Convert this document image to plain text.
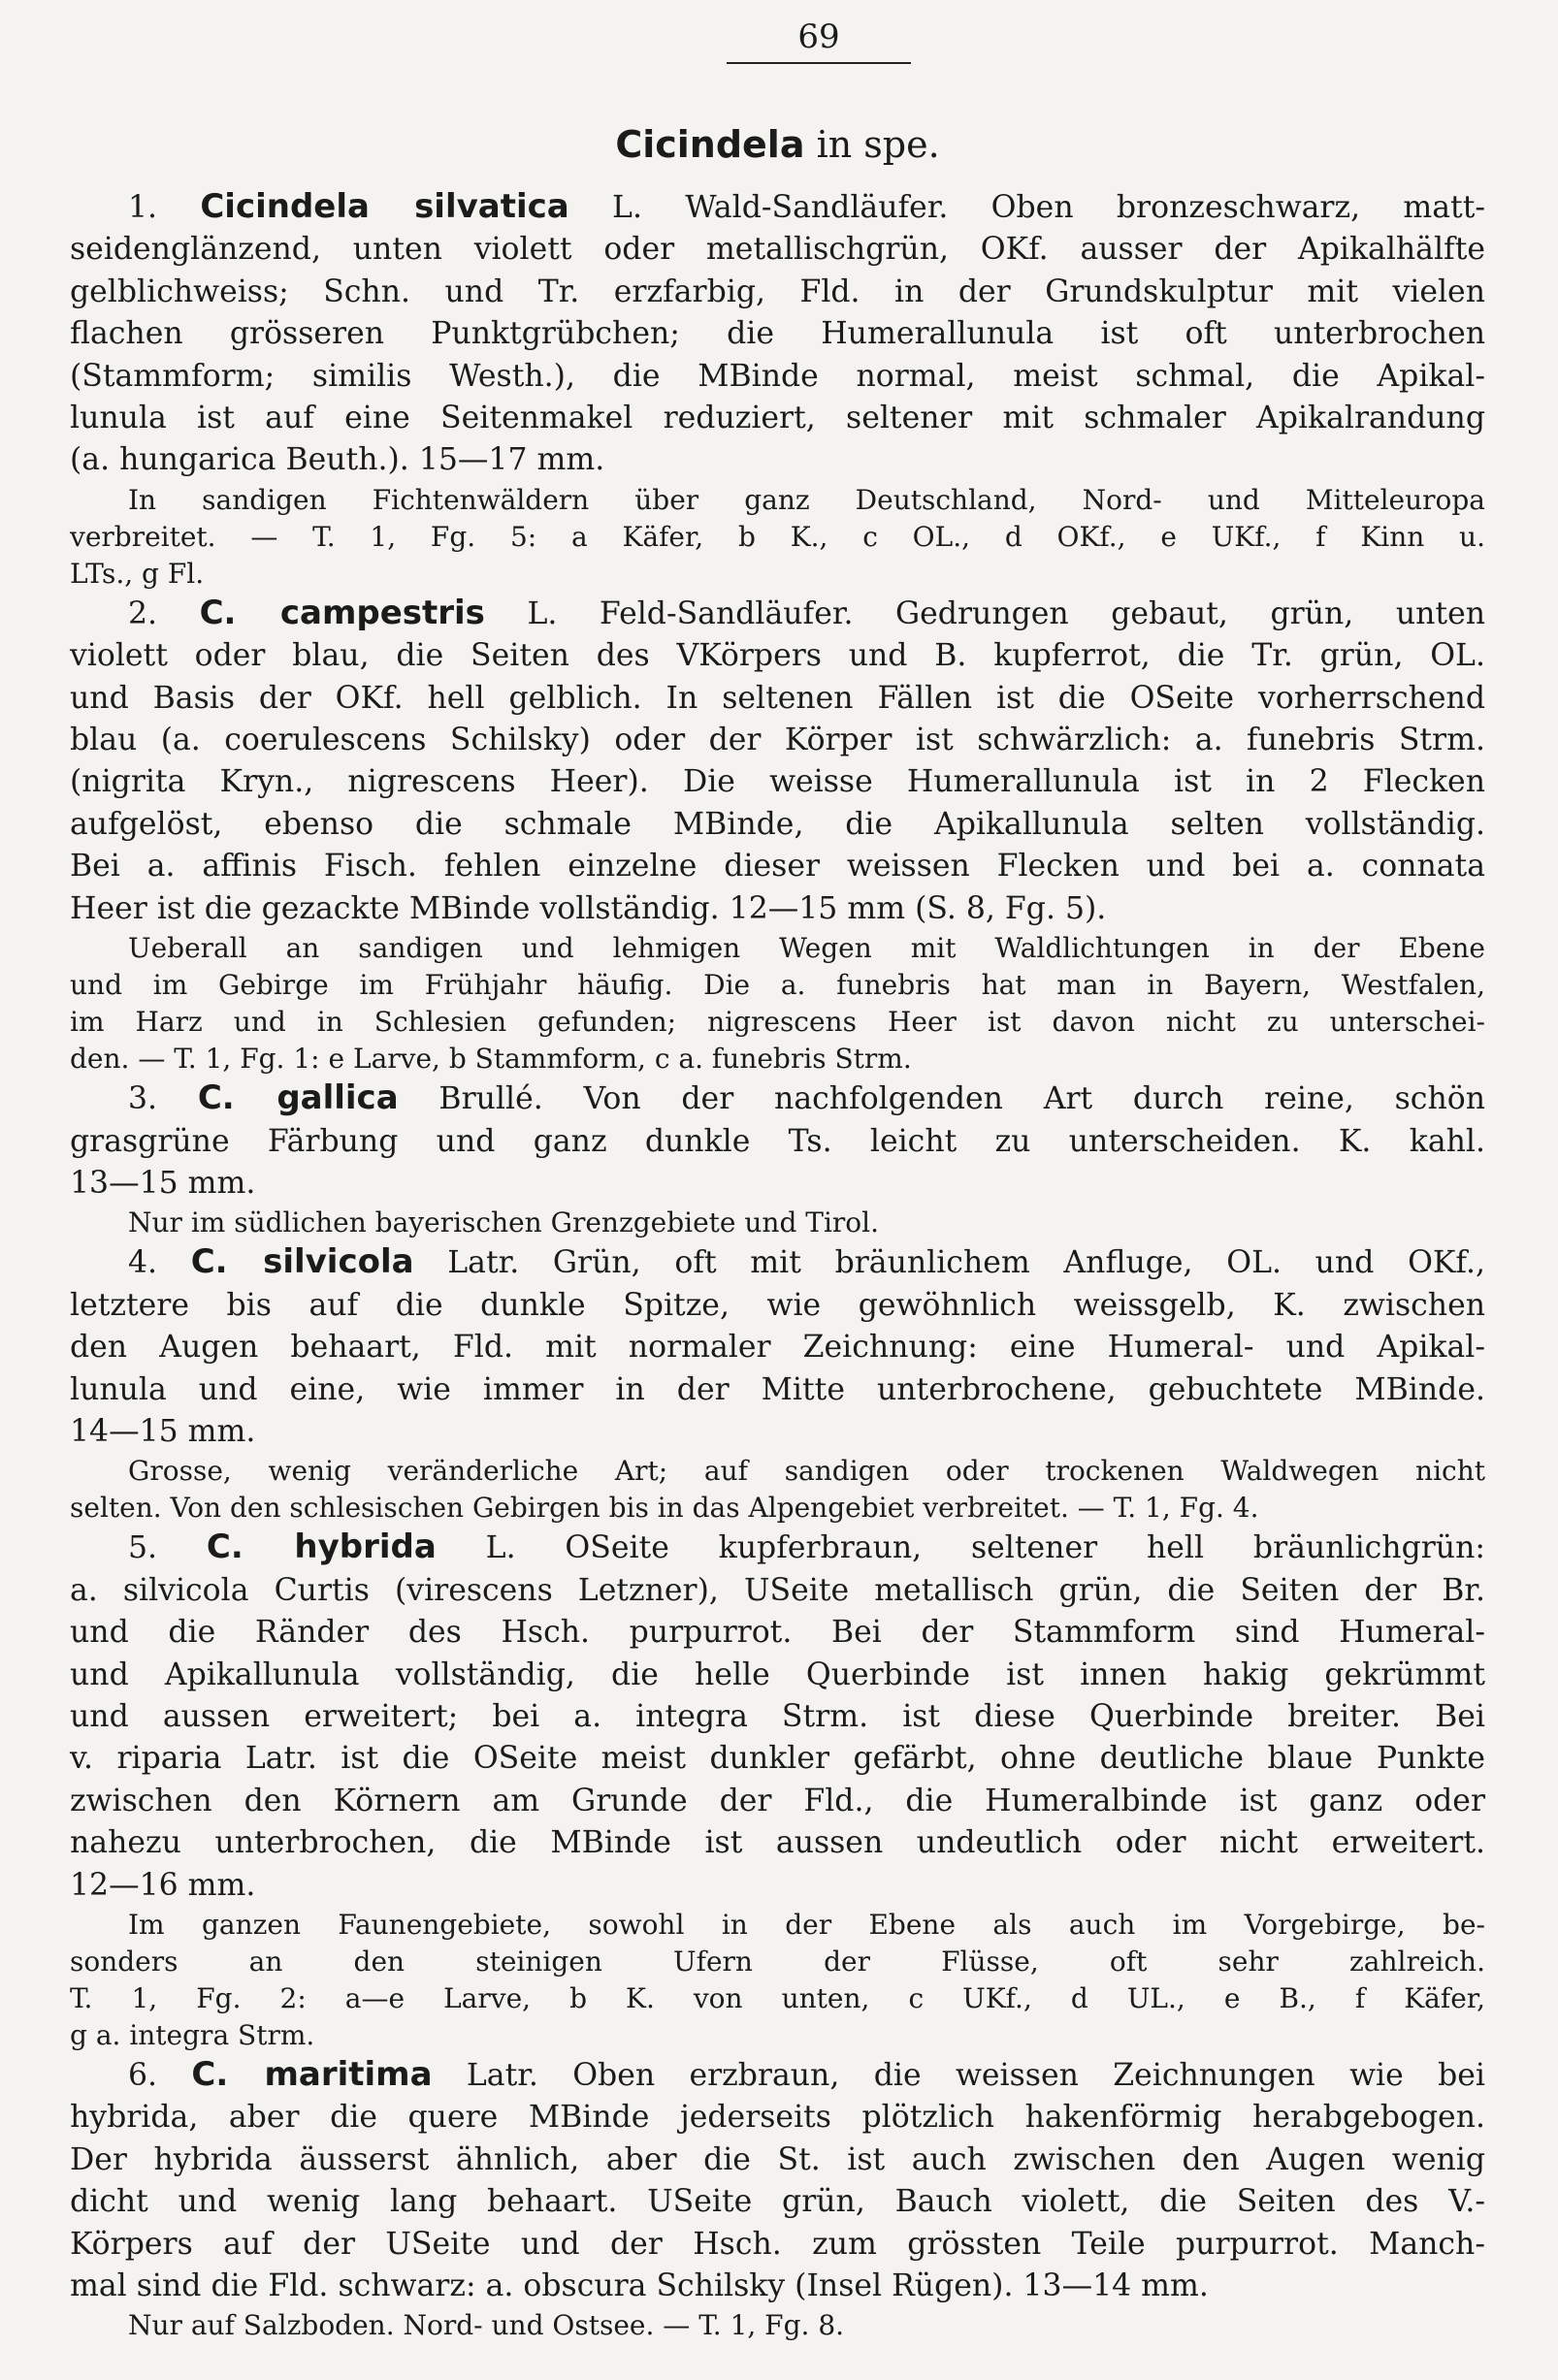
69
Cicindela in spe.

1. Cicindela silvatica L. Wald-Sandläufer. Oben bronzeschwarz, matt-
seidenglänzend, unten violett oder metallischgrün, OKf. ausser der Apikalhälfte
gelblichweiss; Schn. und Tr. erzfarbig, Fld. in der Grundskulptur mit vielen
flachen grösseren Punktgrübchen; die Humerallunula ist oft unterbrochen
(Stammform; similis Westh.), die MBinde normal, meist schmal, die Apikal-
lunula ist auf eine Seitenmakel reduziert, seltener mit schmaler Apikalrandung
(a. hungarica Beuth.). 15—17 mm.

In sandigen Fichtenwäldern über ganz Deutschland, Nord- und Mitteleuropa
verbreitet. — T. 1, Fg. 5: a Käfer, b K., c OL., d OKf., e UKf., f Kinn u.
LTs., g Fl.

2. C. campestris L. Feld-Sandläufer. Gedrungen gebaut, grün, unten
violett oder blau, die Seiten des VKörpers und B. kupferrot, die Tr. grün, OL.
und Basis der OKf. hell gelblich. In seltenen Fällen ist die OSeite vorherrschend
blau (a. coerulescens Schilsky) oder der Körper ist schwärzlich: a. funebris Strm.
(nigrita Kryn., nigrescens Heer). Die weisse Humerallunula ist in 2 Flecken
aufgelöst, ebenso die schmale MBinde, die Apikallunula selten vollständig.
Bei a. affinis Fisch. fehlen einzelne dieser weissen Flecken und bei a. connata
Heer ist die gezackte MBinde vollständig. 12—15 mm (S. 8, Fg. 5).

Ueberall an sandigen und lehmigen Wegen mit Waldlichtungen in der Ebene
und im Gebirge im Frühjahr häufig. Die a. funebris hat man in Bayern, Westfalen,
im Harz und in Schlesien gefunden; nigrescens Heer ist davon nicht zu unterschei-
den. — T. 1, Fg. 1: e Larve, b Stammform, c a. funebris Strm.

3. C. gallica Brullé. Von der nachfolgenden Art durch reine, schön
grasgrüne Färbung und ganz dunkle Ts. leicht zu unterscheiden. K. kahl.
13—15 mm.

Nur im südlichen bayerischen Grenzgebiete und Tirol.

4. C. silvicola Latr. Grün, oft mit bräunlichem Anfluge, OL. und OKf.,
letztere bis auf die dunkle Spitze, wie gewöhnlich weissgelb, K. zwischen
den Augen behaart, Fld. mit normaler Zeichnung: eine Humeral- und Apikal-
lunula und eine, wie immer in der Mitte unterbrochene, gebuchtete MBinde.
14—15 mm.

Grosse, wenig veränderliche Art; auf sandigen oder trockenen Waldwegen nicht
selten. Von den schlesischen Gebirgen bis in das Alpengebiet verbreitet. — T. 1, Fg. 4.

5. C. hybrida L. OSeite kupferbraun, seltener hell bräunlichgrün:
a. silvicola Curtis (virescens Letzner), USeite metallisch grün, die Seiten der Br.
und die Ränder des Hsch. purpurrot. Bei der Stammform sind Humeral-
und Apikallunula vollständig, die helle Querbinde ist innen hakig gekrümmt
und aussen erweitert; bei a. integra Strm. ist diese Querbinde breiter. Bei
v. riparia Latr. ist die OSeite meist dunkler gefärbt, ohne deutliche blaue Punkte
zwischen den Körnern am Grunde der Fld., die Humeralbinde ist ganz oder
nahezu unterbrochen, die MBinde ist aussen undeutlich oder nicht erweitert.
12—16 mm.

Im ganzen Faunengebiete, sowohl in der Ebene als auch im Vorgebirge, be-
sonders an den steinigen Ufern der Flüsse, oft sehr zahlreich.
T. 1, Fg. 2: a—e Larve, b K. von unten, c UKf., d UL., e B., f Käfer,
g a. integra Strm.

6. C. maritima Latr. Oben erzbraun, die weissen Zeichnungen wie bei
hybrida, aber die quere MBinde jederseits plötzlich hakenförmig herabgebogen.
Der hybrida äusserst ähnlich, aber die St. ist auch zwischen den Augen wenig
dicht und wenig lang behaart. USeite grün, Bauch violett, die Seiten des V.-
Körpers auf der USeite und der Hsch. zum grössten Teile purpurrot. Manch-
mal sind die Fld. schwarz: a. obscura Schilsky (Insel Rügen). 13—14 mm.

Nur auf Salzboden. Nord- und Ostsee. — T. 1, Fg. 8.
